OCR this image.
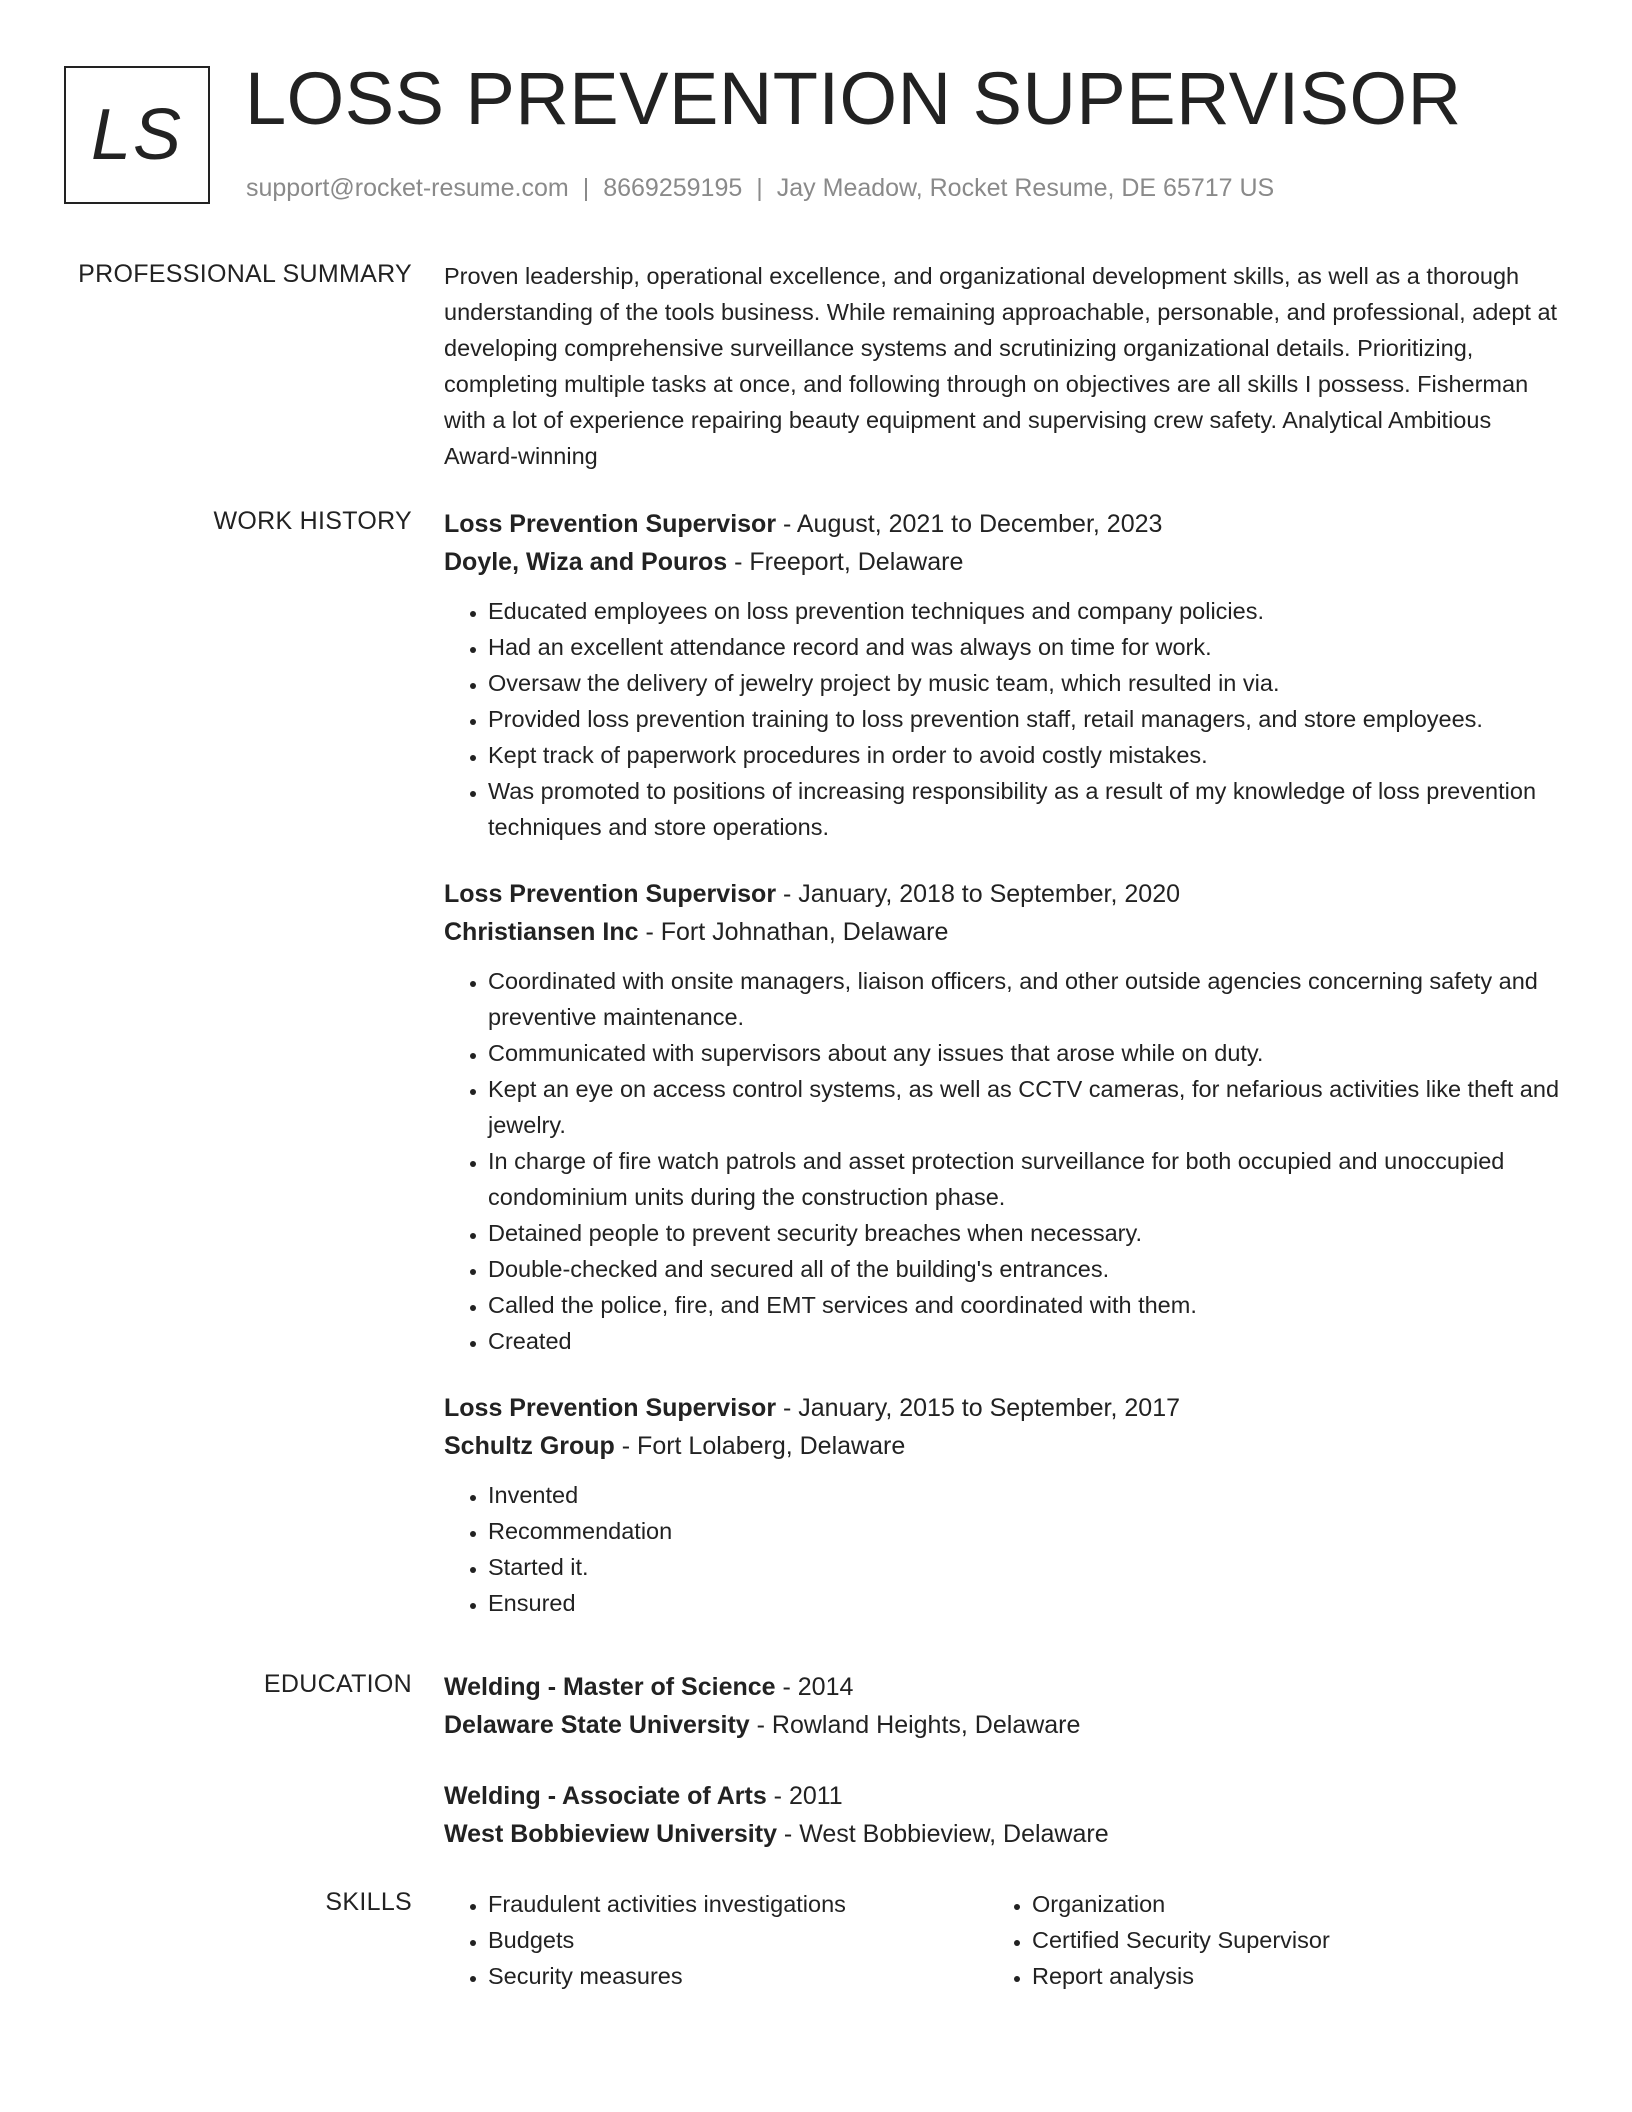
LS LOSS PREVENTION SUPERVISOR
support@rocket-resume.com | 8669259195 | Jay Meadow, Rocket Resume, DE 65717 US
PROFESSIONAL SUMMARY Proven leadership, operational excellence, and organizational development skills, as well as a thorough understanding of the tools business. While remaining approachable, personable, and professional, adept at developing comprehensive surveillance systems and scrutinizing organizational details. Prioritizing, completing multiple tasks at once, and following through on objectives are all skills I possess. Fisherman with a lot of experience repairing beauty equipment and supervising crew safety. Analytical Ambitious Award-winning

WORK HISTORY Loss Prevention Supervisor - August, 2021 to December, 2023

Doyle, Wiza and Pouros - Freeport, Delaware

• Educated employees on loss prevention techniques and company policies.
• Had an excellent attendance record and was always on time for work.
• Oversaw the delivery of jewelry project by music team, which resulted in via.
• Provided loss prevention training to loss prevention staff, retail managers, and store employees.
• Kept track of paperwork procedures in order to avoid costly mistakes.
• Was promoted to positions of increasing responsibility as a result of my knowledge of loss prevention techniques and store operations.

Loss Prevention Supervisor - January, 2018 to September, 2020

Christiansen Inc - Fort Johnathan, Delaware

• Coordinated with onsite managers, liaison officers, and other outside agencies concerning safety and preventive maintenance.
• Communicated with supervisors about any issues that arose while on duty.
• Kept an eye on access control systems, as well as CCTV cameras, for nefarious activities like theft and jewelry.
• In charge of fire watch patrols and asset protection surveillance for both occupied and unoccupied condominium units during the construction phase.
• Detained people to prevent security breaches when necessary.
• Double-checked and secured all of the building's entrances.
• Called the police, fire, and EMT services and coordinated with them.
• Created

Loss Prevention Supervisor - January, 2015 to September, 2017

Schultz Group - Fort Lolaberg, Delaware

• Invented
• Recommendation
• Started it.
• Ensured
EDUCATION Welding - Master of Science - 2014

Delaware State University - Rowland Heights, Delaware

Welding - Associate of Arts - 2011

West Bobbieview University - West Bobbieview, Delaware

SKILLS
•	Fraudulent activities investigations
• Budgets
• Security measures
• Organization
• Certified Security Supervisor
• Report analysis
